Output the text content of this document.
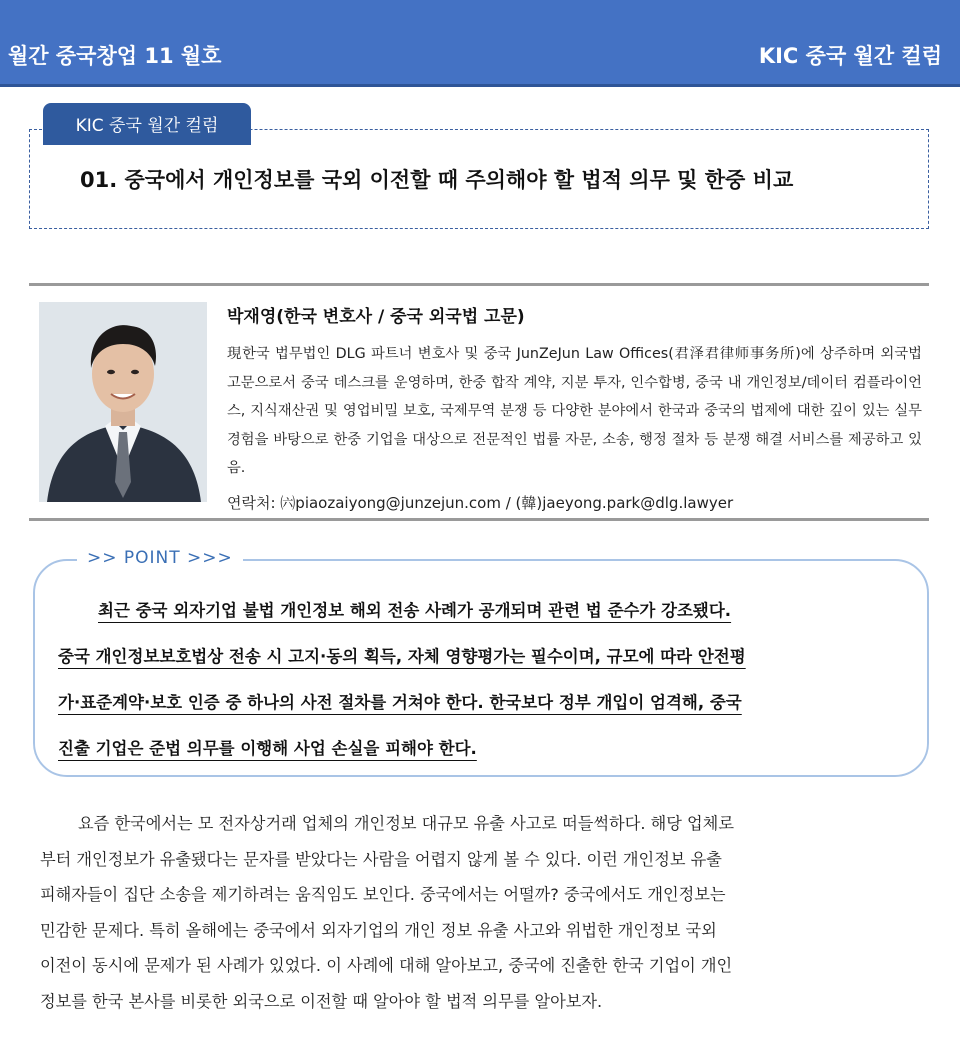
월간 중국창업 11 월호	KIC 중국 월간 컬럼
KIC 중국 월간 컬럼
01. 중국에서 개인정보를 국외 이전할 때 주의해야 할 법적 의무 및 한중 비교
박재영(한국 변호사 / 중국 외국법 고문)

現한국 법무법인 DLG 파트너 변호사 및 중국 JunZeJun Law Offices(君泽君律师事务所)에 상주하며 외국법 고문으로서 중국 데스크를 운영하며, 한중 합작 계약, 지분 투자, 인수합병, 중국 내 개인정보/데이터 컴플라이언스, 지식재산권 및 영업비밀 보호, 국제무역 분쟁 등 다양한 분야에서 한국과 중국의 법제에 대한 깊이 있는 실무 경험을 바탕으로 한중 기업을 대상으로 전문적인 법률 자문, 소송, 행정 절차 등 분쟁 해결 서비스를 제공하고 있음.

연락처: ㈥piaozaiyong@junzejun.com / (韓)jaeyong.park@dlg.lawyer
>> POINT >>>
최근 중국 외자기업 불법 개인정보 해외 전송 사례가 공개되며 관련 법 준수가 강조됐다.
중국 개인정보보호법상 전송 시 고지·동의 획득, 자체 영향평가는 필수이며, 규모에 따라 안전평
가·표준계약·보호 인증 중 하나의 사전 절차를 거쳐야 한다. 한국보다 정부 개입이 엄격해, 중국
진출 기업은 준법 의무를 이행해 사업 손실을 피해야 한다.
요즘 한국에서는 모 전자상거래 업체의 개인정보 대규모 유출 사고로 떠들썩하다. 해당 업체로
부터 개인정보가 유출됐다는 문자를 받았다는 사람을 어렵지 않게 볼 수 있다. 이런 개인정보 유출
피해자들이 집단 소송을 제기하려는 움직임도 보인다. 중국에서는 어떨까? 중국에서도 개인정보는
민감한 문제다. 특히 올해에는 중국에서 외자기업의 개인 정보 유출 사고와 위법한 개인정보 국외
이전이 동시에 문제가 된 사례가 있었다. 이 사례에 대해 알아보고, 중국에 진출한 한국 기업이 개인
정보를 한국 본사를 비롯한 외국으로 이전할 때 알아야 할 법적 의무를 알아보자.
